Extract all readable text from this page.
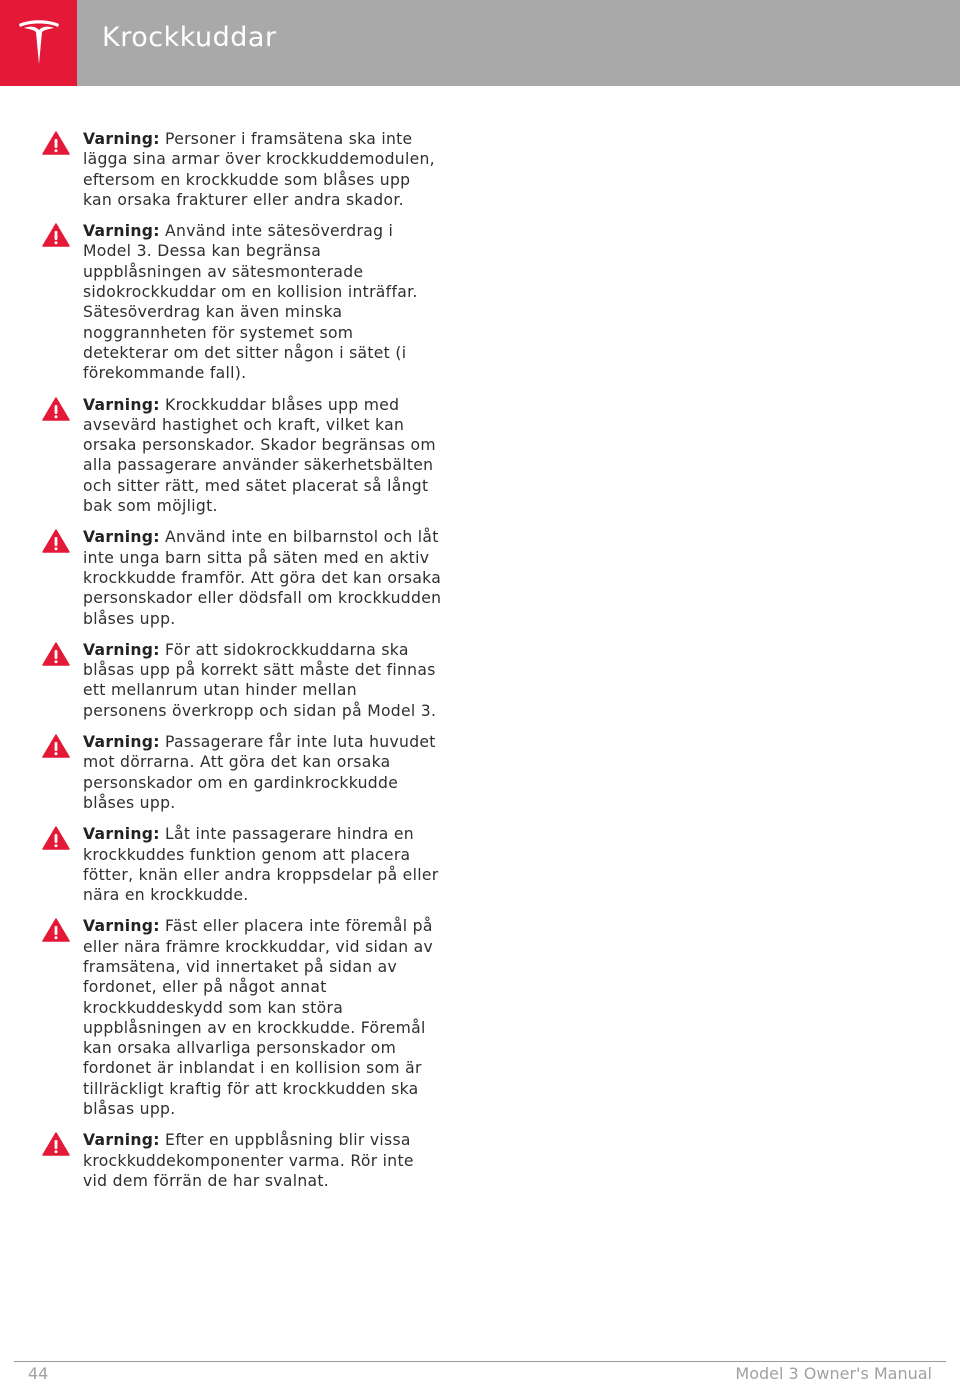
Krockkuddar
Varning: Personer i framsätena ska inte lägga sina armar över krockkuddemodulen, eftersom en krockkudde som blåses upp kan orsaka frakturer eller andra skador.
Varning: Använd inte sätesöverdrag i Model 3. Dessa kan begränsa uppblåsningen av sätesmonterade sidokrockkuddar om en kollision inträffar. Sätesöverdrag kan även minska noggrannheten för systemet som detekterar om det sitter någon i sätet (i förekommande fall).
Varning: Krockkuddar blåses upp med avsevärd hastighet och kraft, vilket kan orsaka personskador. Skador begränsas om alla passagerare använder säkerhetsbälten och sitter rätt, med sätet placerat så långt bak som möjligt.
Varning: Använd inte en bilbarnstol och låt inte unga barn sitta på säten med en aktiv krockkudde framför. Att göra det kan orsaka personskador eller dödsfall om krockkudden blåses upp.
Varning: För att sidokrockkuddarna ska blåsas upp på korrekt sätt måste det finnas ett mellanrum utan hinder mellan personens överkropp och sidan på Model 3.
Varning: Passagerare får inte luta huvudet mot dörrarna. Att göra det kan orsaka personskador om en gardinkrockkudde blåses upp.
Varning: Låt inte passagerare hindra en krockkuddes funktion genom att placera fötter, knän eller andra kroppsdelar på eller nära en krockkudde.
Varning: Fäst eller placera inte föremål på eller nära främre krockkuddar, vid sidan av framsätena, vid innertaket på sidan av fordonet, eller på något annat krockkuddeskydd som kan störa uppblåsningen av en krockkudde. Föremål kan orsaka allvarliga personskador om fordonet är inblandat i en kollision som är tillräckligt kraftig för att krockkudden ska blåsas upp.
Varning: Efter en uppblåsning blir vissa krockkuddekomponenter varma. Rör inte vid dem förrän de har svalnat.
44	Model 3 Owner's Manual
